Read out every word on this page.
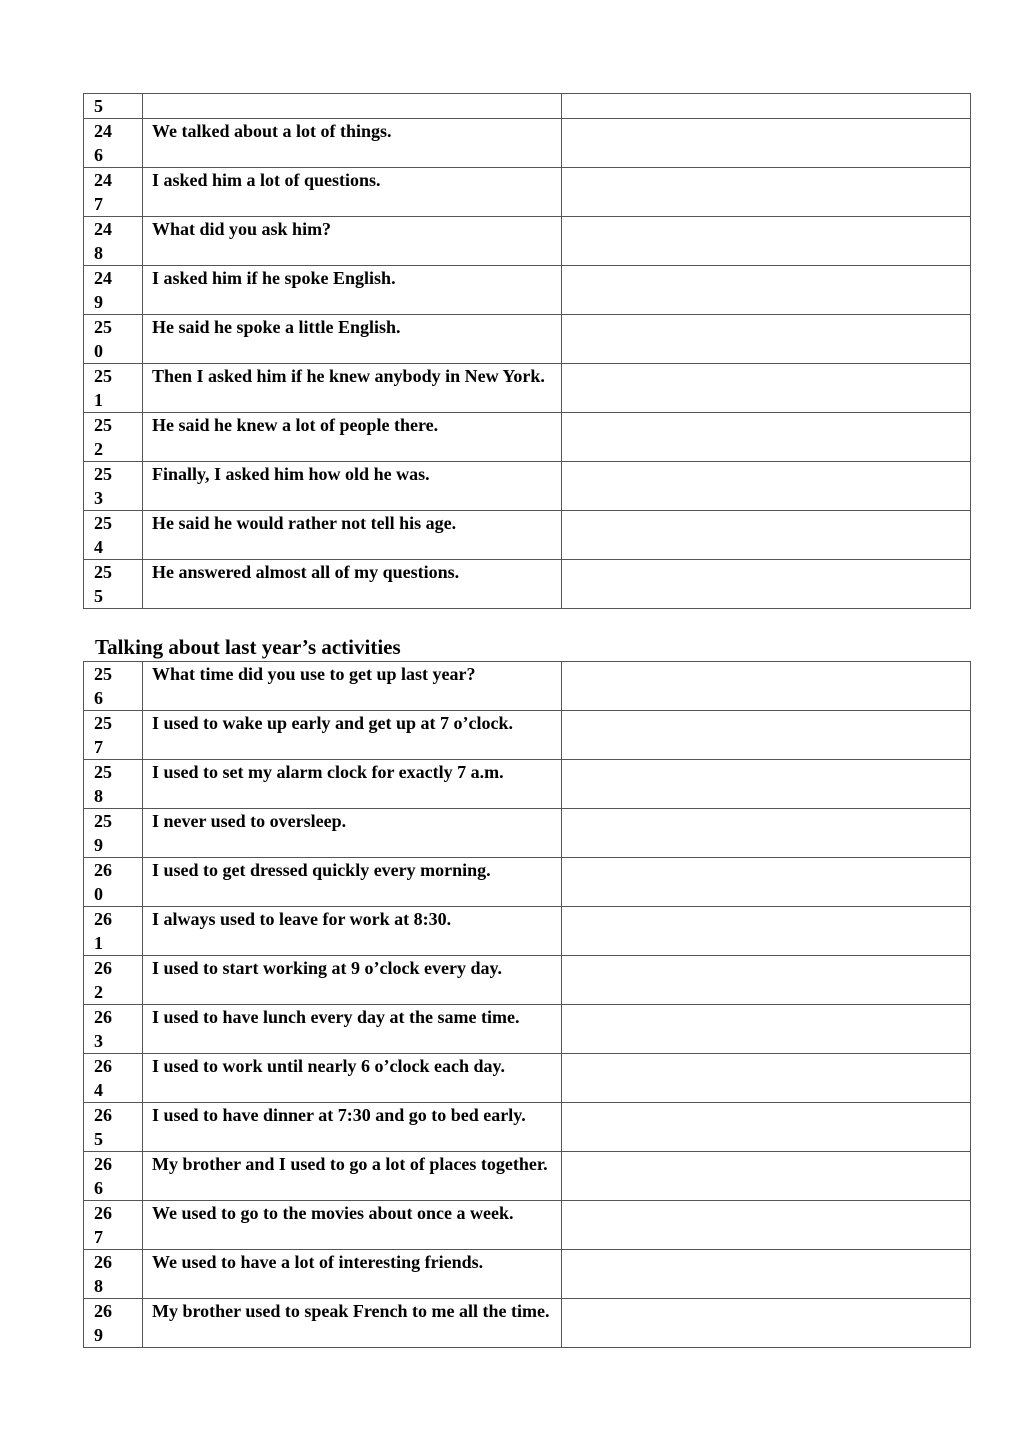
5		

24
6	We talked about a lot of things.	

24
7	I asked him a lot of questions.	

24
8	What did you ask him?	

24
9	I asked him if he spoke English.	

25
0	He said he spoke a little English.	

25
1	Then I asked him if he knew anybody in New York.	

25
2	He said he knew a lot of people there.	

25
3	Finally, I asked him how old he was.	

25
4	He said he would rather not tell his age.	

25
5	He answered almost all of my questions.	
Talking about last year’s activities
25
6	What time did you use to get up last year?	

25
7	I used to wake up early and get up at 7 o’clock.	

25
8	I used to set my alarm clock for exactly 7 a.m.	

25
9	I never used to oversleep.	

26
0	I used to get dressed quickly every morning.	

26
1	I always used to leave for work at 8:30.	

26
2	I used to start working at 9 o’clock every day.	

26
3	I used to have lunch every day at the same time.	

26
4	I used to work until nearly 6 o’clock each day.	

26
5	I used to have dinner at 7:30 and go to bed early.	

26
6	My brother and I used to go a lot of places together.	

26
7	We used to go to the movies about once a week.	

26
8	We used to have a lot of interesting friends.	

26
9	My brother used to speak French to me all the time.	
